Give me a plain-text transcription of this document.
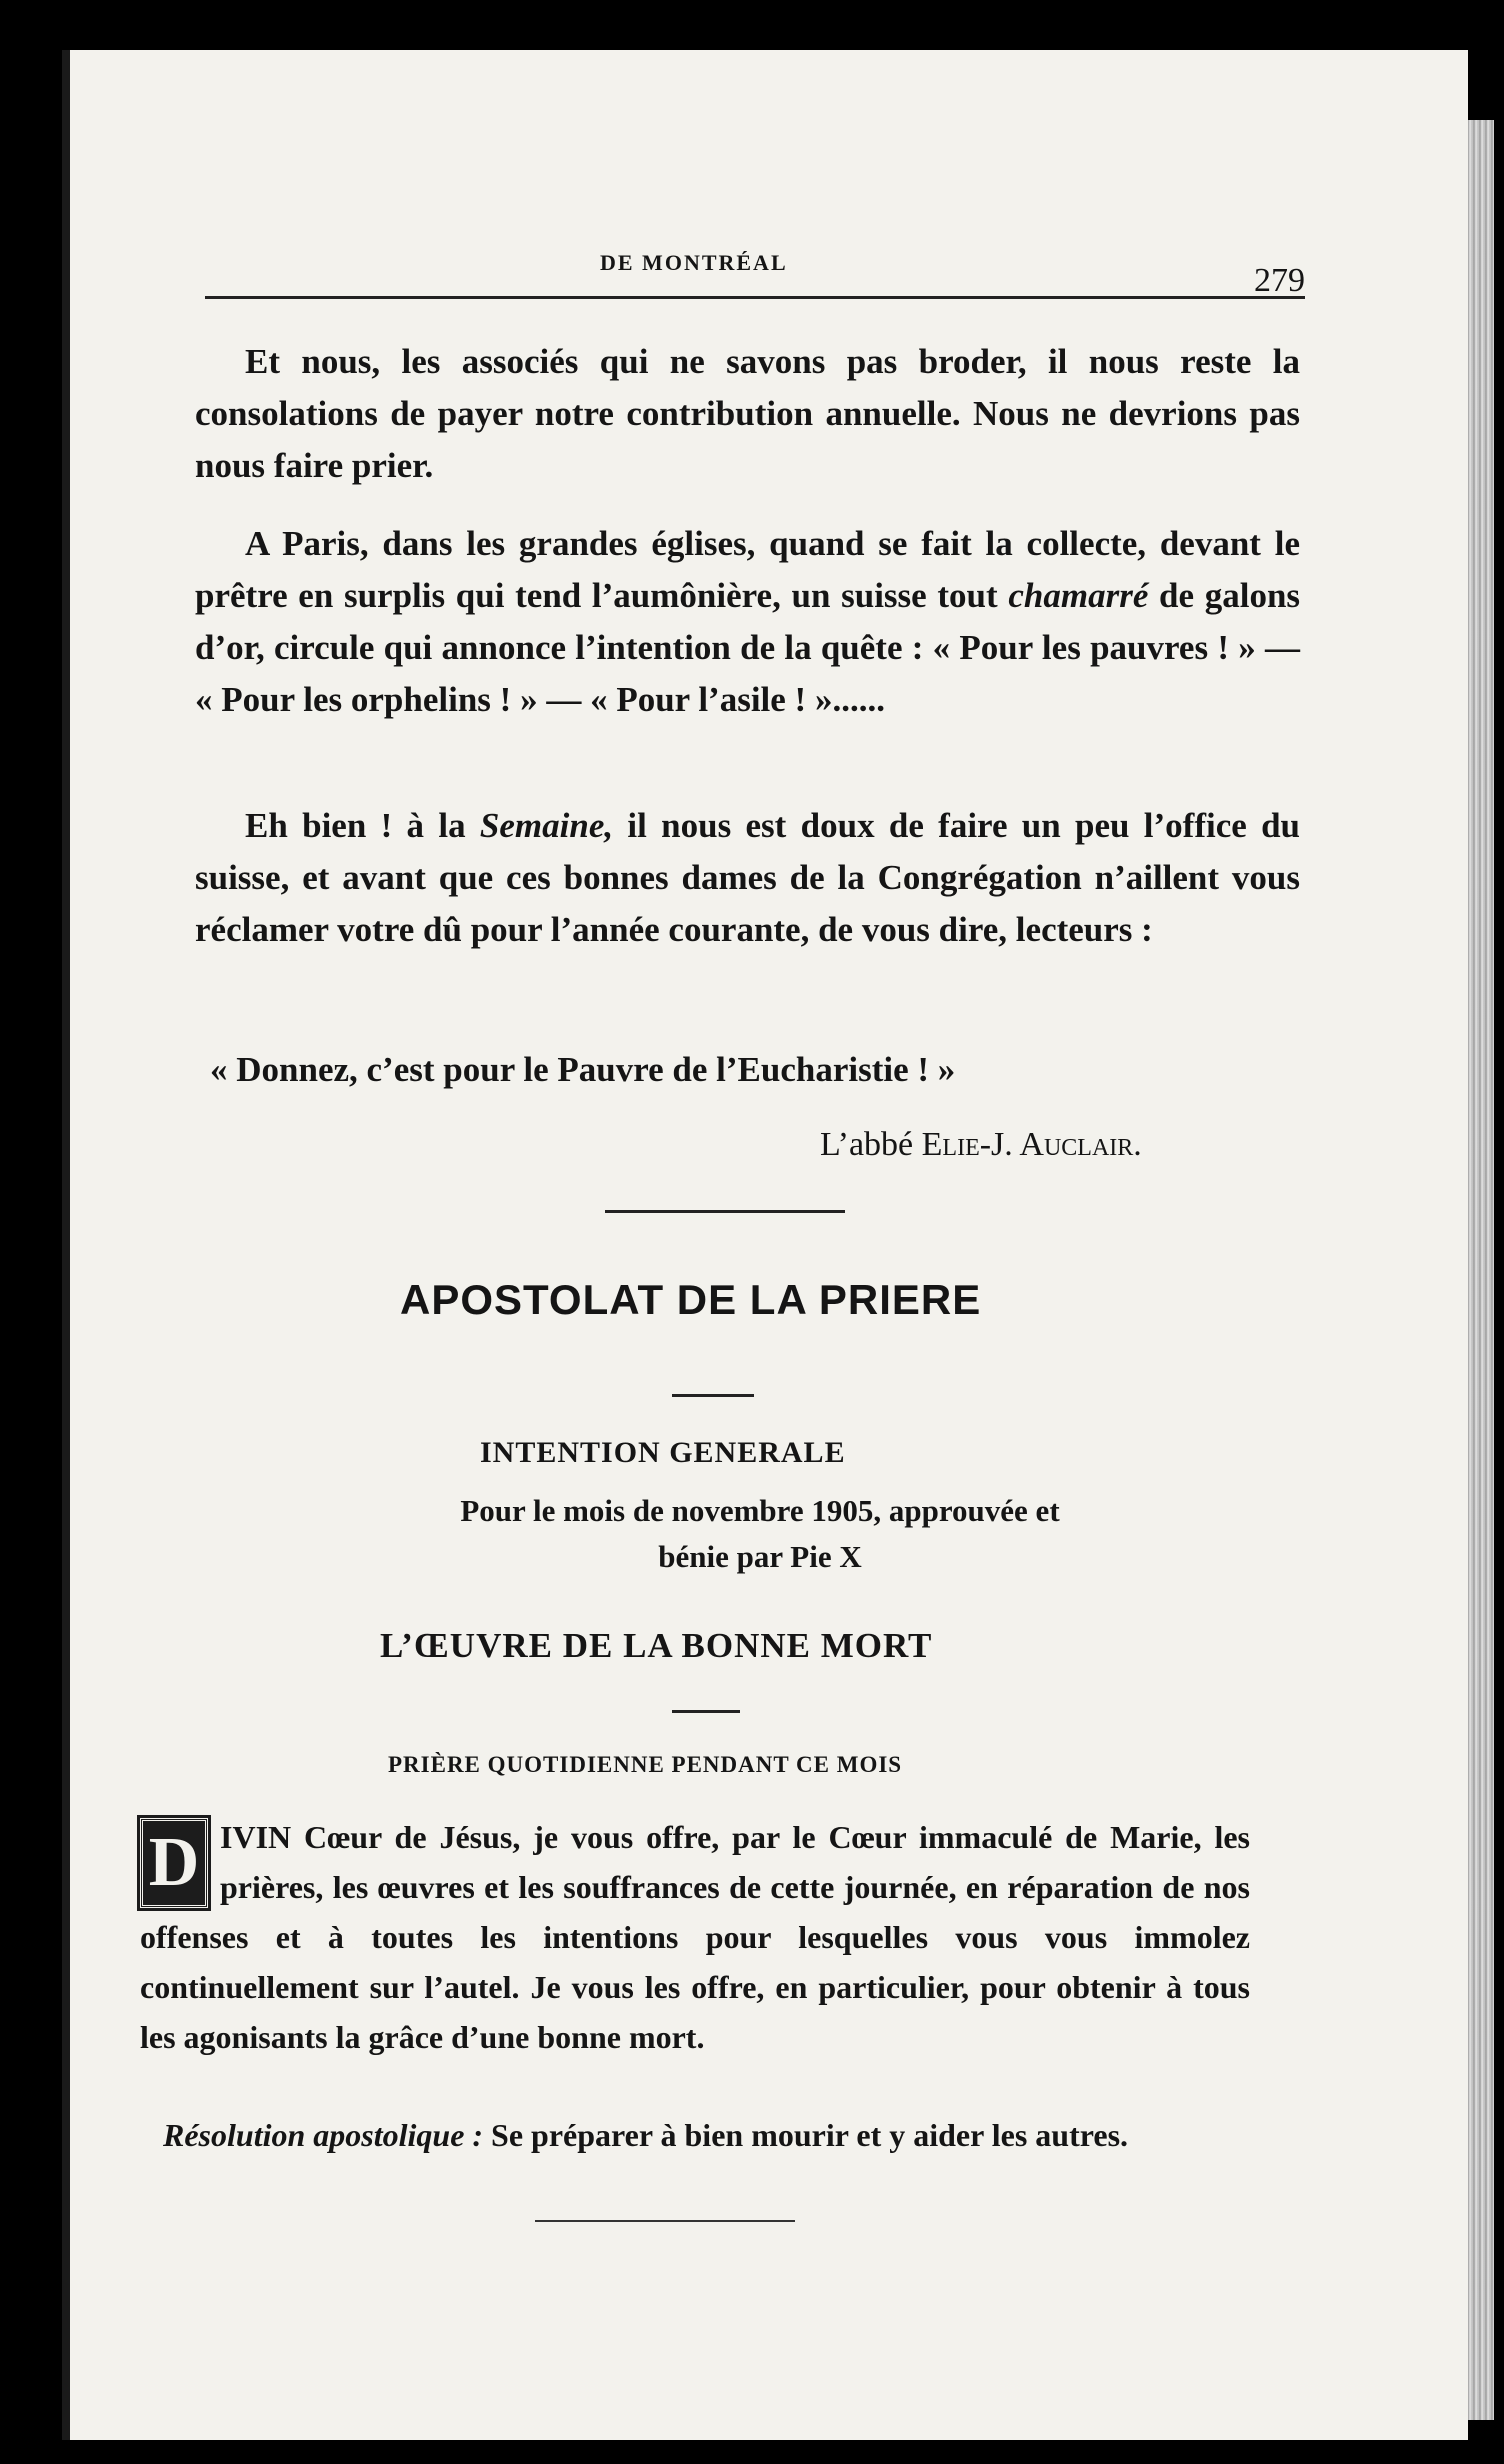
DE MONTRÉAL	279

Et nous, les associés qui ne savons pas broder, il nous reste la consolations de payer notre contribution annuelle. Nous ne devrions pas nous faire prier.

A Paris, dans les grandes églises, quand se fait la collecte, devant le prêtre en surplis qui tend l’aumônière, un suisse tout chamarré de galons d’or, circule qui annonce l’intention de la quête : « Pour les pauvres ! » — « Pour les orphelins ! » — « Pour l’asile ! »......

Eh bien ! à la Semaine, il nous est doux de faire un peu l’office du suisse, et avant que ces bonnes dames de la Congrégation n’aillent vous réclamer votre dû pour l’année courante, de vous dire, lecteurs :

« Donnez, c’est pour le Pauvre de l’Eucharistie ! »

L’abbé Elie-J. Auclair.

APOSTOLAT DE LA PRIERE
INTENTION GENERALE
Pour le mois de novembre 1905, approuvée et
bénie par Pie X
L’ŒUVRE DE LA BONNE MORT
PRIÈRE QUOTIDIENNE PENDANT CE MOIS

D IVIN Cœur de Jésus, je vous offre, par le Cœur immaculé de Marie, les prières, les œuvres et les souffrances de cette journée, en réparation de nos offenses et à toutes les intentions pour lesquelles vous vous immolez continuellement sur l’autel. Je vous les offre, en particulier, pour obtenir à tous les agonisants la grâce d’une bonne mort.

Résolution apostolique : Se préparer à bien mourir et y aider les autres.
